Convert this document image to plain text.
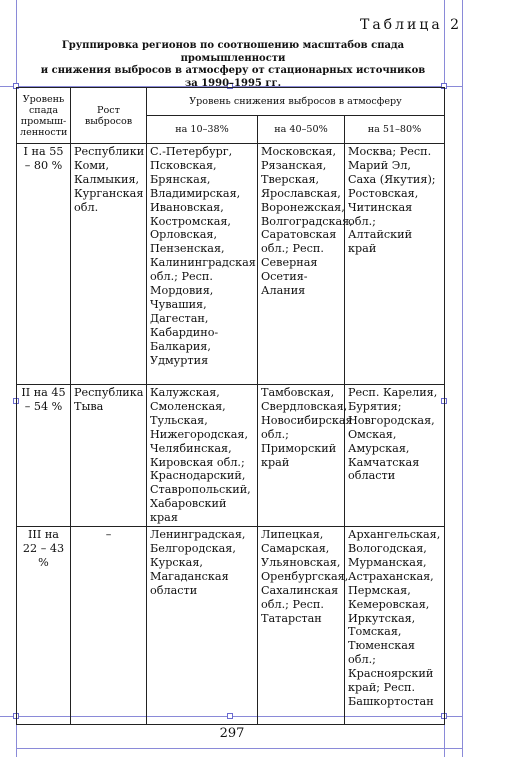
Таблица 2
Группировка регионов по соотношению масштабов спада промышленности
и снижения выбросов в атмосферу от стационарных источников
за 1990–1995 гг.
Уровень спада промыш-ленности	Рост выбросов	Уровень снижения выбросов в атмосферу		
		на 10–38%	на 40–50%	на 51–80%
I на 55 – 80 %	Республики Коми, Калмыкия, Курганская обл.	С.-Петербург, Псковская, Брянская, Владимирская, Ивановская, Костромская, Орловская, Пензенская, Калининградская обл.; Респ. Мордовия, Чувашия, Дагестан, Кабардино-Балкария, Удмуртия	Московская, Рязанская, Тверская, Ярославская, Воронежская, Волгоградская, Саратовская обл.; Респ. Северная Осетия-Алания	Москва; Респ. Марий Эл, Саха (Якутия); Ростовская, Читинская обл.; Алтайский край
II на 45 – 54 %	Республика Тыва	Калужская, Смоленская, Тульская, Нижегородская, Челябинская, Кировская обл.; Краснодарский, Ставропольский, Хабаровский края	Тамбовская, Свердловская, Новосибирская обл.; Приморский край	Респ. Карелия, Бурятия; Новгородская, Омская, Амурская, Камчатская области
III на 22 – 43 %	–	Ленинградская, Белгородская, Курская, Магаданская области	Липецкая, Самарская, Ульяновская, Оренбургская, Сахалинская обл.; Респ. Татарстан	Архангельская, Вологодская, Мурманская, Астраханская, Пермская, Кемеровская, Иркутская, Томская, Тюменская обл.; Красноярский край; Респ. Башкортостан
297
